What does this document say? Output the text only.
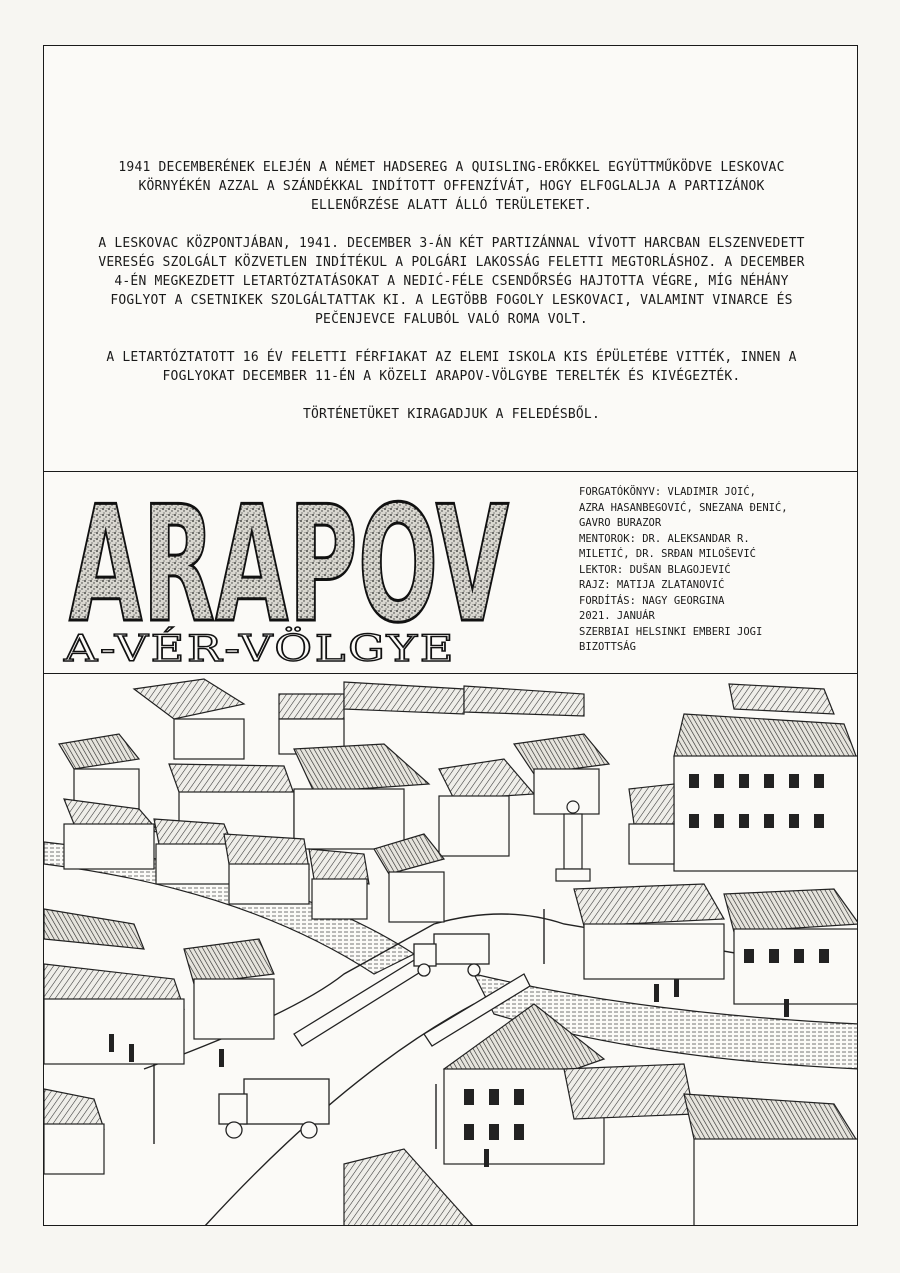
1941 DECEMBERÉNEK ELEJÉN A NÉMET HADSEREG A QUISLING-ERŐKKEL EGYÜTTMŰKÖDVE LESKOVAC KÖRNYÉKÉN AZZAL A SZÁNDÉKKAL INDÍTOTT OFFENZÍVÁT, HOGY ELFOGLALJA A PARTIZÁNOK ELLENŐRZÉSE ALATT ÁLLÓ TERÜLETEKET.

A LESKOVAC KÖZPONTJÁBAN, 1941. DECEMBER 3-ÁN KÉT PARTIZÁNNAL VÍVOTT HARCBAN ELSZENVEDETT VERESÉG SZOLGÁLT KÖZVETLEN INDÍTÉKUL A POLGÁRI LAKOSSÁG FELETTI MEGTORLÁSHOZ. A DECEMBER 4-ÉN MEGKEZDETT LETARTÓZTATÁSOKAT A NEDIĆ-FÉLE CSENDŐRSÉG HAJTOTTA VÉGRE, MÍG NÉHÁNY FOGLYOT A CSETNIKEK SZOLGÁLTATTAK KI. A LEGTÖBB FOGOLY LESKOVACI, VALAMINT VINARCE ÉS PEČENJEVCE FALUBÓL VALÓ ROMA VOLT.

A LETARTÓZTATOTT 16 ÉV FELETTI FÉRFIAKAT AZ ELEMI ISKOLA KIS ÉPÜLETÉBE VITTÉK, INNEN A FOGLYOKAT DECEMBER 11-ÉN A KÖZELI ARAPOV-VÖLGYBE TERELTÉK ÉS KIVÉGEZTÉK.

TÖRTÉNETÜKET KIRAGADJUK A FELEDÉSBŐL.

ARAPOV
A-VÉR-VÖLGYE
FORGATÓKÖNYV: VLADIMIR JOIĆ,
AZRA HASANBEGOVIĆ, SNEZANA ĐENIĆ,
GAVRO BURAZOR
MENTOROK: DR. ALEKSANDAR R.
MILETIĆ, DR. SRĐAN MILOŠEVIĆ
LEKTOR: DUŠAN BLAGOJEVIĆ
RAJZ: MATIJA ZLATANOVIĆ
FORDÍTÁS: NAGY GEORGINA
2021. JANUÁR
SZERBIAI HELSINKI EMBERI JOGI
BIZOTTSÁG
